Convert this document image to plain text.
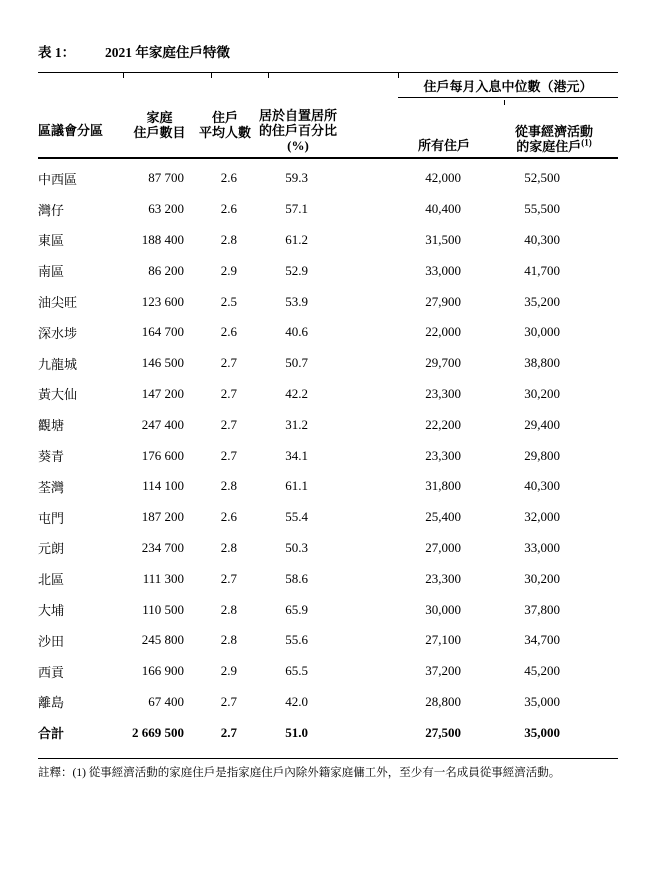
表 1： 2021 年家庭住戶特徵
住戶每月入息中位數（港元）
區議會分區
家庭
住戶數目
住戶
平均人數
居於自置居所
的住戶百分比
(%)	所有住戶
從事經濟活動
的家庭住戶$^{(1)}$
中西區	87 700	2.6	59.3	42,000	52,500
灣仔	63 200	2.6	57.1	40,400	55,500
東區	188 400	2.8	61.2	31,500	40,300
南區	86 200	2.9	52.9	33,000	41,700
油尖旺	123 600	2.5	53.9	27,900	35,200
深水埗	164 700	2.6	40.6	22,000	30,000
九龍城	146 500	2.7	50.7	29,700	38,800
黃大仙	147 200	2.7	42.2	23,300	30,200
觀塘	247 400	2.7	31.2	22,200	29,400
葵青	176 600	2.7	34.1	23,300	29,800
荃灣	114 100	2.8	61.1	31,800	40,300
屯門	187 200	2.6	55.4	25,400	32,000
元朗	234 700	2.8	50.3	27,000	33,000
北區	111 300	2.7	58.6	23,300	30,200
大埔	110 500	2.8	65.9	30,000	37,800
沙田	245 800	2.8	55.6	27,100	34,700
西貢	166 900	2.9	65.5	37,200	45,200
離島	67 400	2.7	42.0	28,800	35,000
合計	2 669 500	2.7	51.0	27,500	35,000
註釋：(1) 從事經濟活動的家庭住戶是指家庭住戶內除外籍家庭傭工外，至少有一名成員從事經濟活動。
